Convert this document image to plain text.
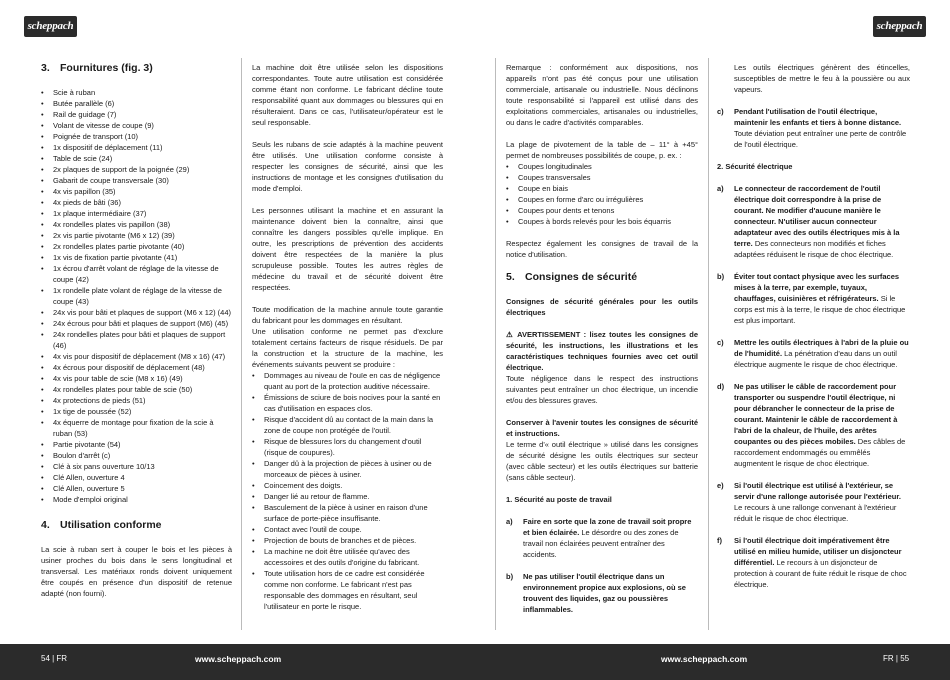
scheppach	scheppach
3. Fournitures (fig. 3)
• Scie à ruban
• Butée parallèle (6)
• Rail de guidage (7)
• Volant de vitesse de coupe (9)
• Poignée de transport (10)
• 1x dispositif de déplacement (11)
• Table de scie (24)
• 2x plaques de support de la poignée (29)
• Gabarit de coupe transversale (30)
• 4x vis papillon (35)
• 4x pieds de bâti (36)
• 1x plaque intermédiaire (37)
• 4x rondelles plates vis papillon (38)
• 2x vis partie pivotante (M6 x 12) (39)
• 2x rondelles plates partie pivotante (40)
• 1x vis de fixation partie pivotante (41)
• 1x écrou d'arrêt volant de réglage de la vitesse de coupe (42)
• 1x rondelle plate volant de réglage de la vitesse de coupe (43)
• 24x vis pour bâti et plaques de support (M6 x 12) (44)
• 24x écrous pour bâti et plaques de support (M6) (45)
• 24x rondelles plates pour bâti et plaques de support (46)
• 4x vis pour dispositif de déplacement (M8 x 16) (47)
• 4x écrous pour dispositif de déplacement (48)
• 4x vis pour table de scie (M8 x 16) (49)
• 4x rondelles plates pour table de scie (50)
• 4x protections de pieds (51)
• 1x tige de poussée (52)
• 4x équerre de montage pour fixation de la scie à ruban (53)
• Partie pivotante (54)
• Boulon d'arrêt (c)
• Clé à six pans ouverture 10/13
• Clé Allen, ouverture 4
• Clé Allen, ouverture 5
• Mode d'emploi original
4. Utilisation conforme

La scie à ruban sert à couper le bois et les pièces à usiner proches du bois dans le sens longitudinal et transversal. Les matériaux ronds doivent uniquement être coupés en présence d'un dispositif de retenue adapté (non fourni).

La machine doit être utilisée selon les dispositions correspondantes. Toute autre utilisation est considérée comme étant non conforme. Le fabricant décline toute responsabilité quant aux dommages ou blessures qui en résulteraient. Dans ce cas, l'utilisateur/opérateur est le seul responsable.

Seuls les rubans de scie adaptés à la machine peuvent être utilisés. Une utilisation conforme consiste à respecter les consignes de sécurité, ainsi que les instructions de montage et les consignes d'utilisation du mode d'emploi.

Les personnes utilisant la machine et en assurant la maintenance doivent bien la connaître, ainsi que connaître les dangers possibles qu'elle implique. En outre, les prescriptions de prévention des accidents doivent être respectées de la manière la plus scrupuleuse possible. Toutes les autres règles de médecine du travail et de sécurité doivent être respectées.

Toute modification de la machine annule toute garantie du fabricant pour les dommages en résultant.

Une utilisation conforme ne permet pas d'exclure totalement certains facteurs de risque résiduels. De par la construction et la structure de la machine, les événements suivants peuvent se produire :

• Dommages au niveau de l'ouïe en cas de négligence quant au port de la protection auditive nécessaire.
• Émissions de sciure de bois nocives pour la santé en cas d'utilisation en espaces clos.
• Risque d'accident dû au contact de la main dans la zone de coupe non protégée de l'outil.
• Risque de blessures lors du changement d'outil (risque de coupures).
• Danger dû à la projection de pièces à usiner ou de morceaux de pièces à usiner.
• Coincement des doigts.
• Danger lié au retour de flamme.
• Basculement de la pièce à usiner en raison d'une surface de porte-pièce insuffisante.
• Contact avec l'outil de coupe.
• Projection de bouts de branches et de pièces.
• La machine ne doit être utilisée qu'avec des accessoires et des outils d'origine du fabricant.
• Toute utilisation hors de ce cadre est considérée comme non conforme. Le fabricant n'est pas responsable des dommages en résultant, seul l'utilisateur en porte le risque.

Remarque : conformément aux dispositions, nos appareils n'ont pas été conçus pour une utilisation commerciale, artisanale ou industrielle. Nous déclinons toute responsabilité si l'appareil est utilisé dans des exploitations commerciales, artisanales ou industrielles, ou dans le cadre d'activités comparables.

La plage de pivotement de la table de – 11° à +45° permet de nombreuses possibilités de coupe, p. ex. :

• Coupes longitudinales
• Coupes transversales
• Coupe en biais
• Coupes en forme d'arc ou irrégulières
• Coupes pour dents et tenons
• Coupes à bords relevés pour les bois équarris

Respectez également les consignes de travail de la notice d'utilisation.

5. Consignes de sécurité

Consignes de sécurité générales pour les outils électriques

⚠ AVERTISSEMENT : lisez toutes les consignes de sécurité, les instructions, les illustrations et les caractéristiques techniques fournies avec cet outil électrique.

Toute négligence dans le respect des instructions suivantes peut entraîner un choc électrique, un incendie et/ou des blessures graves.

Conserver à l'avenir toutes les consignes de sécurité et instructions.

Le terme d'« outil électrique » utilisé dans les consignes de sécurité désigne les outils électriques sur secteur (avec câble secteur) et les outils électriques sur batterie (sans câble secteur).

1. Sécurité au poste de travail

a) Faire en sorte que la zone de travail soit propre et bien éclairée. Le désordre ou des zones de travail non éclairées peuvent entraîner des accidents.
b) Ne pas utiliser l'outil électrique dans un environnement propice aux explosions, où se trouvent des liquides, gaz ou poussières inflammables.

Les outils électriques génèrent des étincelles, susceptibles de mettre le feu à la poussière ou aux vapeurs.

c) Pendant l'utilisation de l'outil électrique, maintenir les enfants et tiers à bonne distance. Toute déviation peut entraîner une perte de contrôle de l'outil électrique.

2. Sécurité électrique

a) Le connecteur de raccordement de l'outil électrique doit correspondre à la prise de courant. Ne modifier d'aucune manière le connecteur. N'utiliser aucun connecteur adaptateur avec des outils électriques mis à la terre. Des connecteurs non modifiés et fiches adaptées réduisent le risque de choc électrique.
b) Éviter tout contact physique avec les surfaces mises à la terre, par exemple, tuyaux, chauffages, cuisinières et réfrigérateurs. Si le corps est mis à la terre, le risque de choc électrique est plus important.
c) Mettre les outils électriques à l'abri de la pluie ou de l'humidité. La pénétration d'eau dans un outil électrique augmente le risque de choc électrique.
d) Ne pas utiliser le câble de raccordement pour transporter ou suspendre l'outil électrique, ni pour débrancher le connecteur de la prise de courant. Maintenir le câble de raccordement à l'abri de la chaleur, de l'huile, des arêtes coupantes ou des pièces mobiles. Des câbles de raccordement endommagés ou emmêlés augmentent le risque de choc électrique.
e) Si l'outil électrique est utilisé à l'extérieur, se servir d'une rallonge autorisée pour l'extérieur. Le recours à une rallonge convenant à l'extérieur réduit le risque de choc électrique.
f) Si l'outil électrique doit impérativement être utilisé en milieu humide, utiliser un disjoncteur différentiel. Le recours à un disjoncteur de protection à courant de fuite réduit le risque de choc électrique.
54 | FR	www.scheppach.com	www.scheppach.com	FR | 55
